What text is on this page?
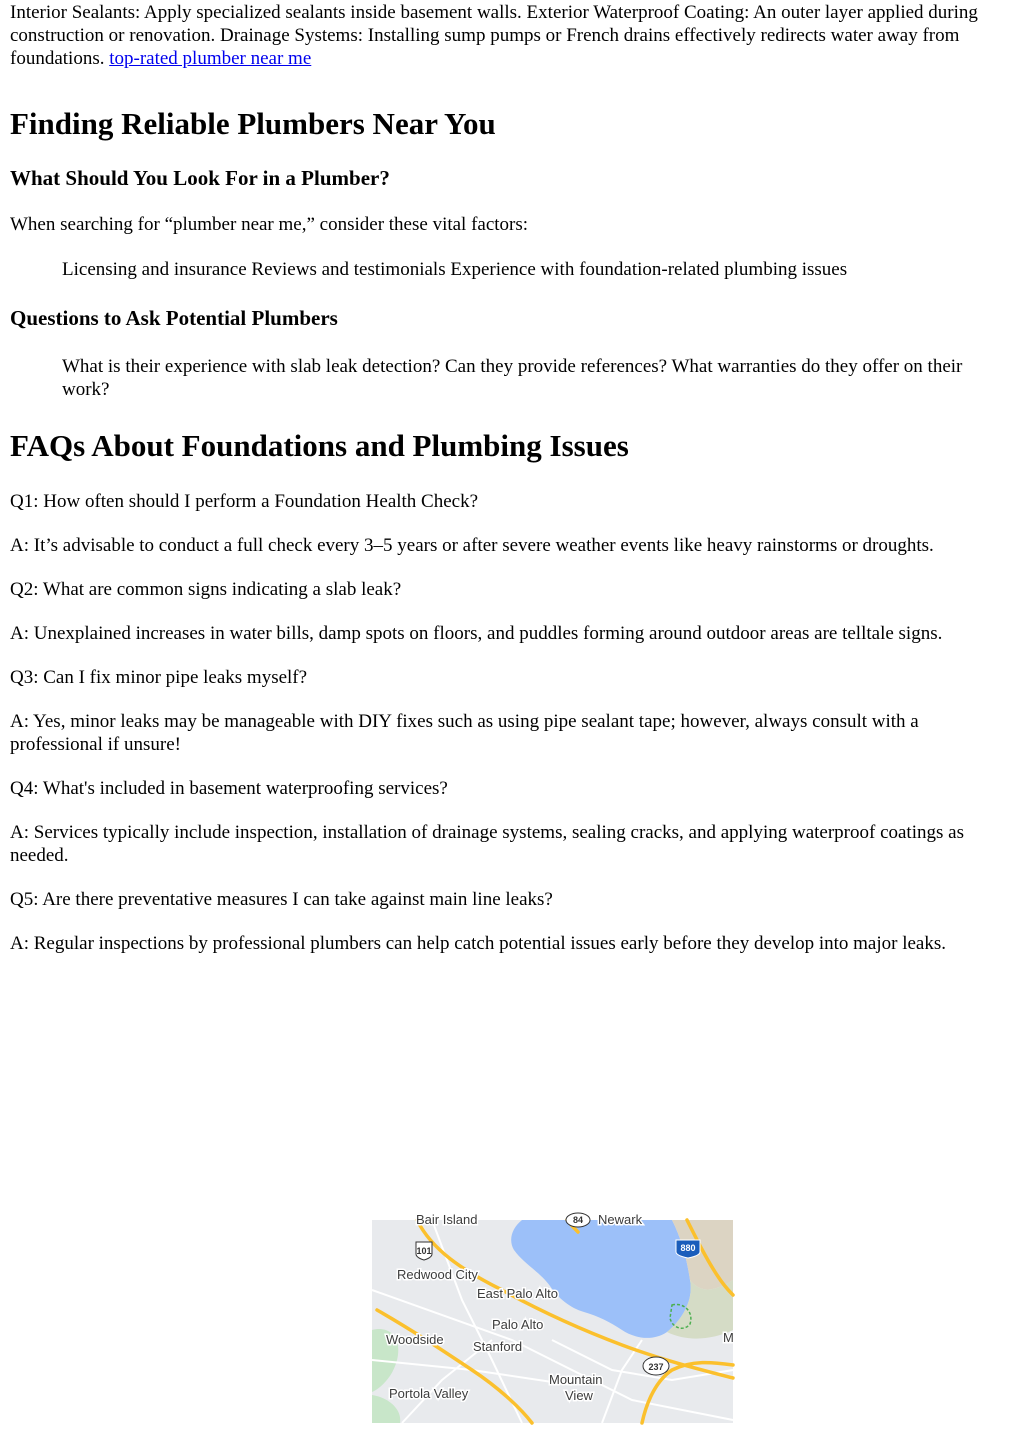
Interior Sealants: Apply specialized sealants inside basement walls. Exterior Waterproof Coating: An outer layer applied during construction or renovation. Drainage Systems: Installing sump pumps or French drains effectively redirects water away from foundations. top-rated plumber near me

Finding Reliable Plumbers Near You
What Should You Look For in a Plumber?

When searching for “plumber near me,” consider these vital factors:

Licensing and insurance Reviews and testimonials Experience with foundation-related plumbing issues

Questions to Ask Potential Plumbers

What is their experience with slab leak detection? Can they provide references? What warranties do they offer on their work?

FAQs About Foundations and Plumbing Issues

Q1: How often should I perform a Foundation Health Check?

A: It’s advisable to conduct a full check every 3–5 years or after severe weather events like heavy rainstorms or droughts.

Q2: What are common signs indicating a slab leak?

A: Unexplained increases in water bills, damp spots on floors, and puddles forming around outdoor areas are telltale signs.

Q3: Can I fix minor pipe leaks myself?

A: Yes, minor leaks may be manageable with DIY fixes such as using pipe sealant tape; however, always consult with a professional if unsure!

Q4: What's included in basement waterproofing services?

A: Services typically include inspection, installation of drainage systems, sealing cracks, and applying waterproof coatings as needed.

Q5: Are there preventative measures I can take against main line leaks?

A: Regular inspections by professional plumbers can help catch potential issues early before they develop into major leaks.

101	880
237
84
Bair Island	Newark
Redwood City
East Palo Alto
Palo Alto
Woodside Stanford
Portola Valley
Mountain
View
M
